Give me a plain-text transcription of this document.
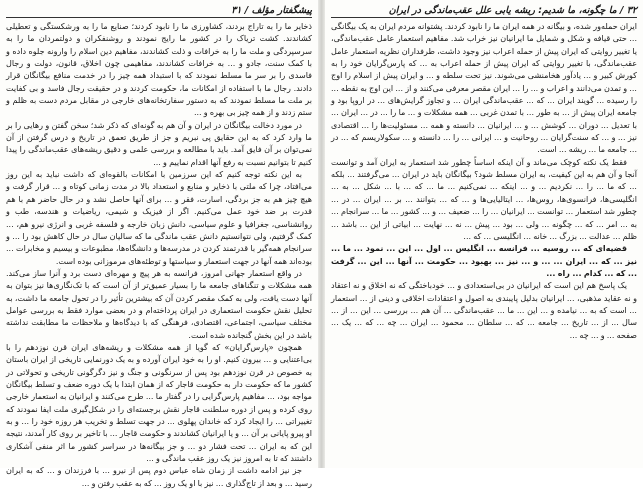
پیشگفتار مؤلف / ۳۱

ذخایر ما را به تاراج بردند، کشاورزی ما را نابود کردند؛ صنایع ما را به ورشکستگی و تعطیلی کشاندند. کشت تریاک را در کشور ما رایج نمودند و روشنفکران و دولتمردان ما را به سرسپردگی و ملت ما را به خرافات و ذلت کشاندند، مفاهیم دین اسلام را وارونه جلوه داده و با کمک سنت، جادو و ... به خرافات کشاندند، مفاهیمی چون اخلاق، قانون، دولت و رجال فاسدی را بر سر ما مسلط نمودند که با استبداد همه چیز را در خدمت منافع بیگانگان قرار دادند. رجال ما با استفاده از امکانات ما، حکومت کردند و در حقیقت رجال فاسد و بی کفایت بر ملت ما مسلط نمودند که به دستور سفارتخانه‌های خارجی در مقابل مردم دست به ظلم و ستم زدند و از همه چیز بی بهره و ...

در مورد دخالت بیگانگان در ایران و آن هم به گونه‌ای که ذکر شد؛ سخن گفتن و رهایی را بر ما وارد کرد که به این حقایق پی نبریم و جز از طریق تعمق در تاریخ و درس گرفتن از آن نمی‌توان بر آن فایق آمد. باید با مطالعه و بررسی علمی و دقیق ریشه‌های عقب‌ماندگی را پیدا کنیم تا بتوانیم نسبت به رفع آنها اقدام نماییم و ...

به این نکته توجه کنیم که این سرزمین با امکانات بالقوه‌ای که داشت نباید به این روز می‌افتاد، چرا که ملتی با ذخایر و منابع و استعداد بالا در مدت زمانی کوتاه و ... قرار گرفت و هیچ چیز هم به جز بردگی، اسارت، فقر و ... برای آنها حاصل نشد و در حال حاضر هم با هم قدرت بر ضد خود عمل می‌کنیم. اگر از فیزیک و شیمی، ریاضیات و هندسه، طب و روانشناسی، جغرافیا و علوم سیاسی، دانش زبان خارجه و فلسفه غربی و انرژی نیرو هم، ... کمک گرفتیم، ولی نتوانستیم دانش عقب ماندگی ما که سالیان سال در حال کاهش بود را ... و سرانجام همه‌گیر با قدرتمند کردن در مدرسه‌ها و دانشگاه‌ها، مطبوعات و بیسیم و مخابرات ... بوده‌اند همه آنها در جهت استعمار و سیاستها و توطئه‌های مرموزانی بوده است.

در واقع استعمار جهانی امروز، فرانسه به هر پیچ و مهره‌ای دست برد و آنرا ساز می‌کند. همه مشکلات و تنگناهای جامعه ما را بسیار عمیق‌تر از آن است که با تک‌نگاری‌ها نیز بتوان به آنها دست یافت، ولی به کمک مقصر کردن آن که بیشترین تأثیر را در تحول جامعه ما داشت، به تحلیل نقش حکومت استعماری در ایران پرداخته‌ام و در بعضی موارد فقط به بررسی عوامل مختلف سیاسی، اجتماعی، اقتصادی، فرهنگی که با دیدگاه‌ها و ملاحظات ما مطابقت نداشته باشد در این بخش گنجانده شده است.

همچون «پارس‌گرایان» که گویا از همه مشکلات و ریشه‌های ایران قرن نوزدهم را با بی‌اعتنایی و ... بیرون کنیم. او را به خود ایران آورده و به یک دورنمایی تاریخی از ایران باستان به خصوص در قرن نوزدهم بود پس از سرنگونی و جنگ و نیز دگرگونی تاریخی و تحولاتی در کشور ما که حکومت دار به حکومت قاجار که از همان ابتدا با یک دوره ضعف و تسلط بیگانگان مواجه بود، ... مفاهیم پارس‌گرایی را در گفتار ما ... طرح می‌کنند و ایرانیان به استعمار خارجی روی کرده و پس از دوره سلطنت قاجار نقش برجسته‌ای را در شکل‌گیری ملت ایفا نمودند که تغییراتی ... را ایجاد کرد که خاندان پهلوی ... در جهت تسلط و تخریب هر روزه خود را ... و به او پیرو پایانی بر آن ... و یا ایرانیان کشاندند و حکومت قاجار ... با تاخیر بر روی کار آمدند، نتیجه این که به ایران ... تحت فشار دو ... و جز بیگانه‌ها در سراسر کشور ما اثر منفی آشکاری داشتند که تا به امروز نیز یک روز عقب ماندگی و ...

جز نیز ادامه داشت از زمان شاه عباس دوم پس از نیرو ... با فرزندان و ... که به ایران رسید ... و بعد از تاج‌گذاری ... نیز با او یک روز ... که به عقب رفتن و ...

۳۲ / ما چگونه، ما شدیم: ریشه یابی علل عقب‌ماندگی در ایران

ایران حمله‌ور شده، و بیگانه در همه ایران ما را نابود کردند. پشتوانه مردم ایران به یک بیگانگی ... حتی قیافه و شکل و شمایل ما ایرانیان نیز خراب شد. مفاهیم استعمار عامل عقب‌ماندگی، یا تغییر روایتی که ایران پیش از حمله اعراب نیز وجود داشت، طرفداران نظریه استعمار عامل عقب‌ماندگی، با تغییر روایتی که ایران پیش از حمله اعراب به ... که پارس‌گرایان خود را به کورش کبیر و ... یادآور هخامنشی می‌شوند. نیز تحت سلطه و ... و ایران پیش از اسلام را اوج ... و تمدن می‌دانند و اعراب و ... را ... ایران مقصر معرفی می‌کنند و از ... این اوج به نقطه ... را رسیده ... گویند ایران ... که ... عقب‌ماندگی ایران ... و تجاوز گرایش‌های ... در اروپا بود و جامعه ایران پیش از ... به طور ... با تمدن غربی ... همه مشکلات و ... ما را ... در ... ایران ... با تعدیل ... دوران ... کوشش ... و ... ایرانیان ... دانسته و همه ... مسئولیت‌ها را ... اقتصادی نیز ... و ... که سنت‌گرایان ... روحانیت و ... ایرانی ... را ... دانسته و ... سکولاریسم که ... در ... جامعه ما ... ریشه ... است.

فقط یک نکته کوچک می‌ماند و آن اینکه اساساً چطور شد استعمار به ایران آمد و توانست آنجا و آن هم به این کیفیت، به ایران مسلط شود؟ بیگانگان باید در ایران ... می‌گرفتند ... بلکه ... که ما ... را ... نکردیم ... و ... اینکه ... نمی‌کنیم ... ما ... که ... با ... شکل ... به ... انگلیسی‌ها، فرانسوی‌ها، روس‌ها، ... ایتالیایی‌ها و ... که ... بتوانند ... بر ... ایران ... در ... چطور شد استعمار ... توانست ... ایرانیان ... را ... ضعیف ... و ... کشور ... ما ... سرانجام ... به ... امر ... که ... چگونه ... ولی ... بود ... پیش ... نه ... نهایت ... ابیاتی از این ... باشد ... ظلم ... عدالت ... بزرگ ... خانه ... انگلیسی ... که ...

قضیه‌ای که ... روسیه ... فرانسه ... انگلیس ... اول ... این ... نمود ... ما ... نیز ... که ... ایران ... ... و ... نیز ... بهبود ... حکومت ... آنها ... این ... گرفت ... که ... کدام ... راه ...

یک پاسخ هم این است که ایرانیان در بی‌استعدادی و ... خودباختگی که نه اخلاق و نه اعتقاد و نه عقاید مذهبی، ... ایرانیان بدلیل پایبندی به اصول و اعتقادات اخلاقی و دینی از ... استعمار ... است که به ... نیامده و ... این ... ما ... عقب‌ماندگی ... آن هم ... بررسی ... این ... از ... سال ... از ... تاریخ ... جامعه ... که ... سلطان ... محمود ... ایران ... چه ... که ... یک ... صفحه ... و ... چه ...
